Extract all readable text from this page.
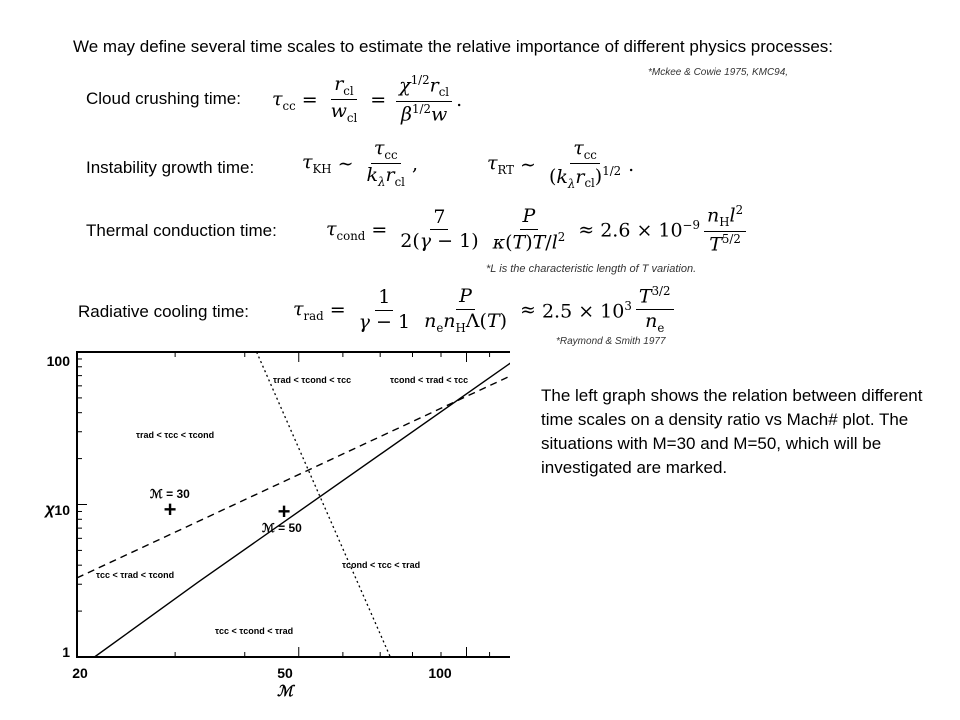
We may define several time scales to estimate the relative importance of different physics processes:
*Mckee & Cowie 1975, KMC94,
Cloud crushing time: $\tau_{cc} = \frac{r_{cl}}{w_{cl}} = \frac{\chi^{1/2}r_{cl}}{\beta^{1/2}w}$ .
Instability growth time:	$\tau_{KH}$ ∼ $\frac{\tau_{cc}}{k_\lambda r_{cl}}$ ,	$\tau_{RT}$ ∼ $\frac{\tau_{cc}}{(k_\lambda r_{cl})^{1/2}}$ .
Thermal conduction time:	$\tau_{cond} = \frac{7}{2(\gamma - 1)} \frac{P}{\kappa(T)T/l^2} \approx 2.6 \times 10^{-9} \frac{n_Hl^2}{T^{5/2}}$
*L is the characteristic length of T variation.
Radiative cooling time: $\tau_{rad} = \frac{1}{\gamma - 1} \frac{P}{n_en_H\Lambda(T)} \approx 2.5 \times 10^3 \frac{T^{3/2}}{n_e}$
*Raymond & Smith 1977
100
10
1
20	50	100
ℳ
χ	+	+
ℳ = 30
ℳ = 50
τrad < τcond < τcc	τcond < τrad < τcc
τrad < τcc < τcond
τcc < τrad < τcond
τcond < τcc < τrad
τcc < τcond < τrad
The left graph shows the relation between different time scales on a density ratio vs Mach# plot. The situations with M=30 and M=50, which will be investigated are marked.
